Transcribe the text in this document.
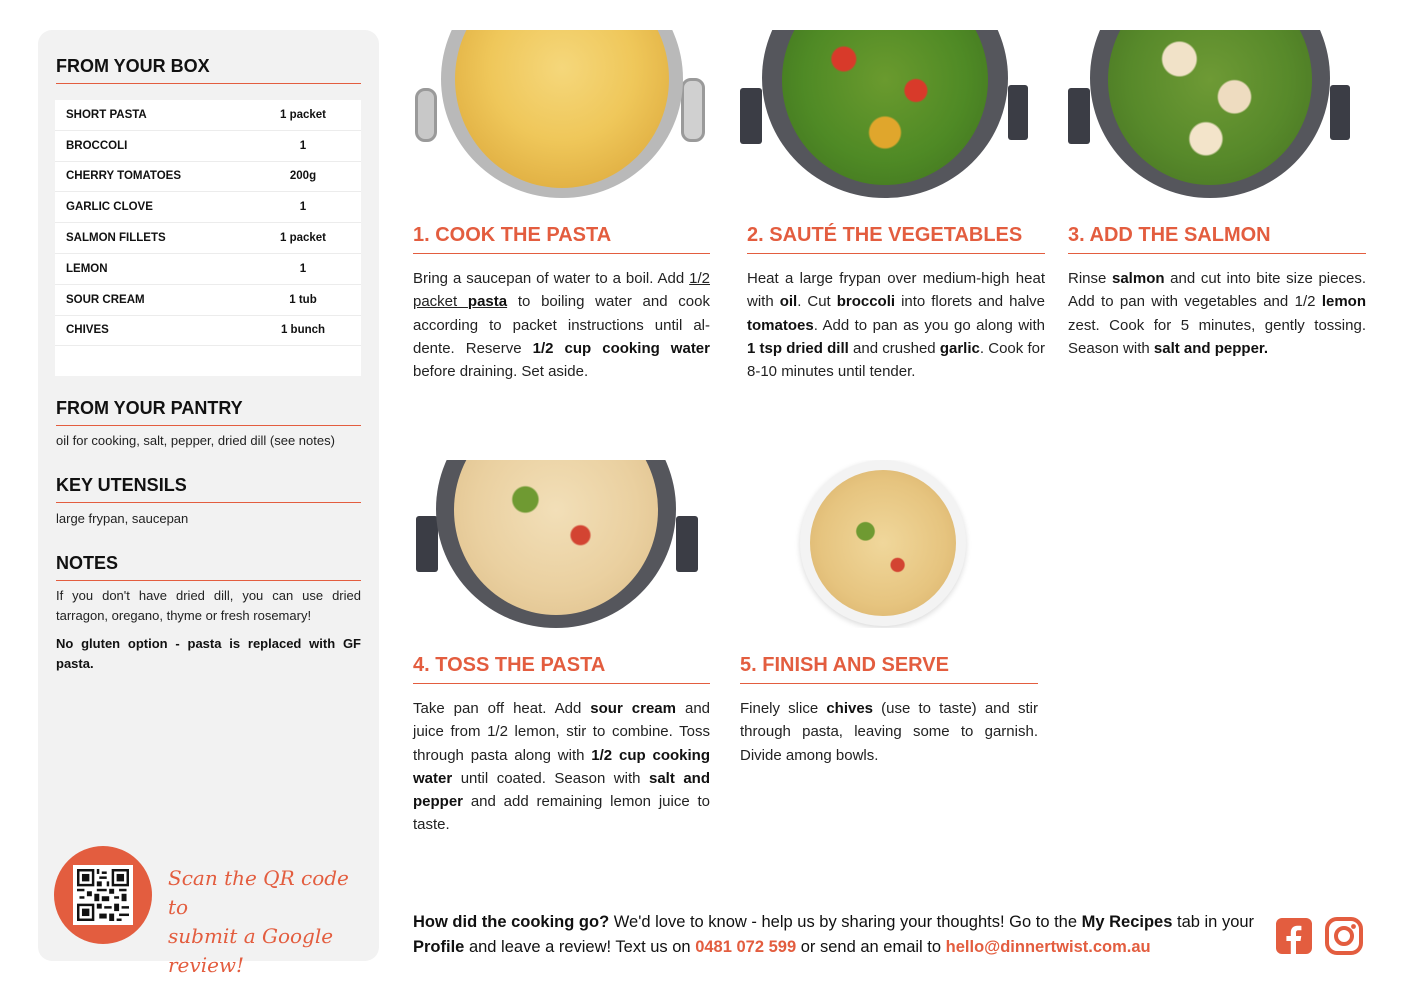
FROM YOUR BOX
SHORT PASTA	1 packet
BROCCOLI	1
CHERRY TOMATOES	200g
GARLIC CLOVE	1
SALMON FILLETS	1 packet
LEMON	1
SOUR CREAM	1 tub
CHIVES	1 bunch
FROM YOUR PANTRY
oil for cooking, salt, pepper, dried dill (see notes)
KEY UTENSILS
large frypan, saucepan
NOTES
If you don't have dried dill, you can use dried tarragon, oregano, thyme or fresh rosemary!
No gluten option - pasta is replaced with GF pasta.
Scan the QR code to
submit a Google review!
1. COOK THE PASTA	2. SAUTÉ THE VEGETABLES	3. ADD THE SALMON
4. TOSS THE PASTA	5. FINISH AND SERVE
Bring a saucepan of water to a boil. Add 1/2 packet pasta to boiling water and cook according to packet instructions until al-dente. Reserve 1/2 cup cooking water before draining. Set aside.
Heat a large frypan over medium-high heat with oil. Cut broccoli into florets and halve tomatoes. Add to pan as you go along with 1 tsp dried dill and crushed garlic. Cook for 8-10 minutes until tender.
Rinse salmon and cut into bite size pieces. Add to pan with vegetables and 1/2 lemon zest. Cook for 5 minutes, gently tossing. Season with salt and pepper.
Take pan off heat. Add sour cream and juice from 1/2 lemon, stir to combine. Toss through pasta along with 1/2 cup cooking water until coated. Season with salt and pepper and add remaining lemon juice to taste.
Finely slice chives (use to taste) and stir through pasta, leaving some to garnish. Divide among bowls.
How did the cooking go? We'd love to know - help us by sharing your thoughts! Go to the My Recipes tab in your Profile and leave a review! Text us on 0481 072 599 or send an email to hello@dinnertwist.com.au
